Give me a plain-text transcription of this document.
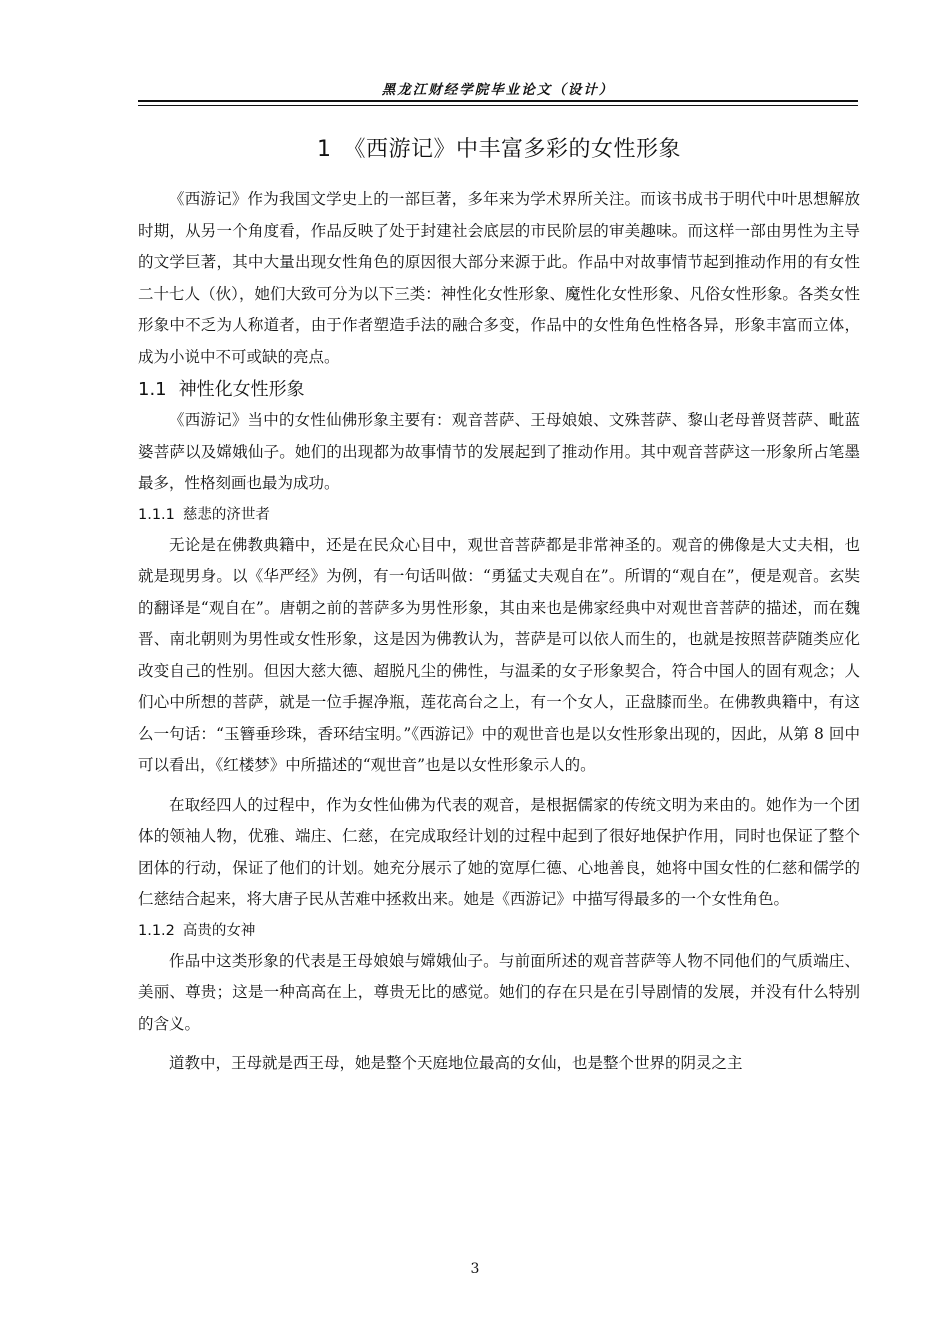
黑龙江财经学院毕业论文（设计）
1 《西游记》中丰富多彩的女性形象

《西游记》作为我国文学史上的一部巨著，多年来为学术界所关注。而该书成书于明代中叶思想解放时期，从另一个角度看，作品反映了处于封建社会底层的市民阶层的审美趣味。而这样一部由男性为主导的文学巨著，其中大量出现女性角色的原因很大部分来源于此。作品中对故事情节起到推动作用的有女性二十七人（伙），她们大致可分为以下三类：神性化女性形象、魔性化女性形象、凡俗女性形象。各类女性形象中不乏为人称道者，由于作者塑造手法的融合多变，作品中的女性角色性格各异，形象丰富而立体，成为小说中不可或缺的亮点。

1.1 神性化女性形象

《西游记》当中的女性仙佛形象主要有：观音菩萨、王母娘娘、文殊菩萨、黎山老母普贤菩萨、毗蓝婆菩萨以及嫦娥仙子。她们的出现都为故事情节的发展起到了推动作用。其中观音菩萨这一形象所占笔墨最多，性格刻画也最为成功。

1.1.1 慈悲的济世者

无论是在佛教典籍中，还是在民众心目中，观世音菩萨都是非常神圣的。观音的佛像是大丈夫相，也就是现男身。以《华严经》为例，有一句话叫做：“勇猛丈夫观自在”。所谓的“观自在”，便是观音。玄奘的翻译是“观自在”。唐朝之前的菩萨多为男性形象，其由来也是佛家经典中对观世音菩萨的描述，而在魏晋、南北朝则为男性或女性形象，这是因为佛教认为，菩萨是可以依人而生的，也就是按照菩萨随类应化改变自己的性别。但因大慈大德、超脱凡尘的佛性，与温柔的女子形象契合，符合中国人的固有观念；人们心中所想的菩萨，就是一位手握净瓶，莲花高台之上，有一个女人，正盘膝而坐。在佛教典籍中，有这么一句话：“玉簪垂珍珠，香环结宝明。”《西游记》中的观世音也是以女性形象出现的，因此，从第 8 回中可以看出，《红楼梦》中所描述的“观世音”也是以女性形象示人的。

在取经四人的过程中，作为女性仙佛为代表的观音，是根据儒家的传统文明为来由的。她作为一个团体的领袖人物，优雅、端庄、仁慈，在完成取经计划的过程中起到了很好地保护作用，同时也保证了整个团体的行动，保证了他们的计划。她充分展示了她的宽厚仁德、心地善良，她将中国女性的仁慈和儒学的仁慈结合起来，将大唐子民从苦难中拯救出来。她是《西游记》中描写得最多的一个女性角色。

1.1.2 高贵的女神

作品中这类形象的代表是王母娘娘与嫦娥仙子。与前面所述的观音菩萨等人物不同他们的气质端庄、美丽、尊贵；这是一种高高在上，尊贵无比的感觉。她们的存在只是在引导剧情的发展，并没有什么特别的含义。

道教中，王母就是西王母，她是整个天庭地位最高的女仙，也是整个世界的阴灵之主

3
